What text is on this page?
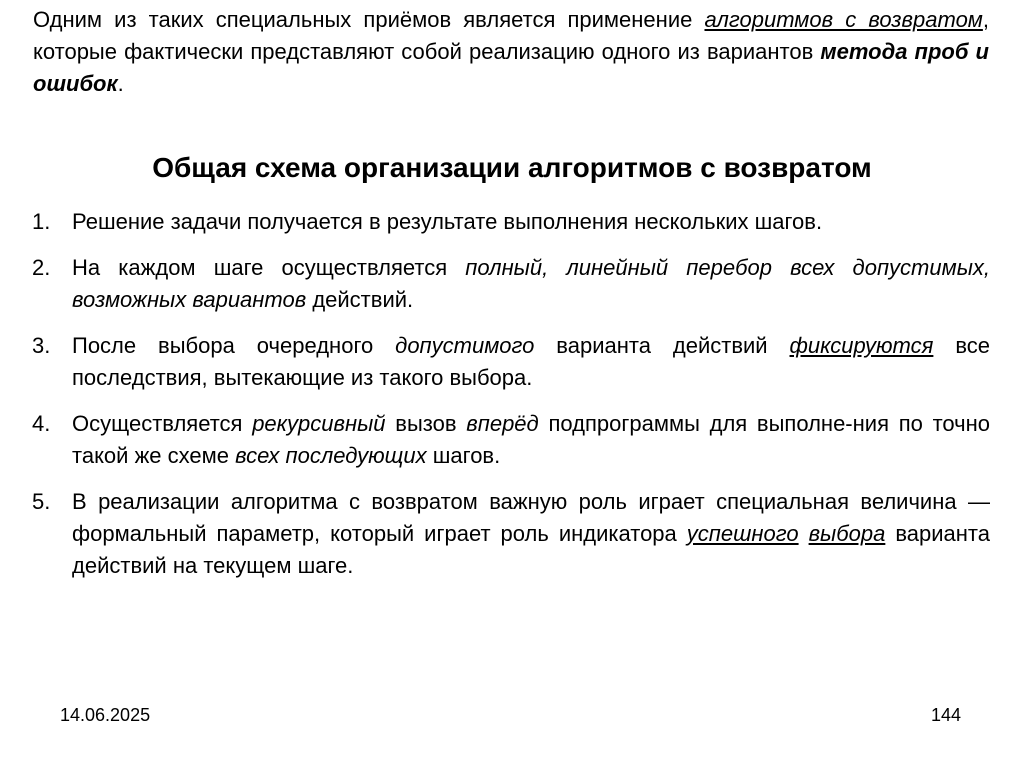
Одним из таких специальных приёмов является применение алгоритмов с возвратом, которые фактически представляют собой реализацию одного из вариантов метода проб и ошибок.

Общая схема организации алгоритмов с возвратом
1. Решение задачи получается в результате выполнения нескольких шагов.
2. На каждом шаге осуществляется полный, линейный перебор всех допустимых, возможных вариантов действий.
3. После выбора очередного допустимого варианта действий фиксируются все последствия, вытекающие из такого выбора.
4. Осуществляется рекурсивный вызов вперёд подпрограммы для выполне-ния по точно такой же схеме всех последующих шагов.
5. В реализации алгоритма с возвратом важную роль играет специальная величина — формальный параметр, который играет роль индикатора успешного выбора варианта действий на текущем шаге.
14.06.2025	144
